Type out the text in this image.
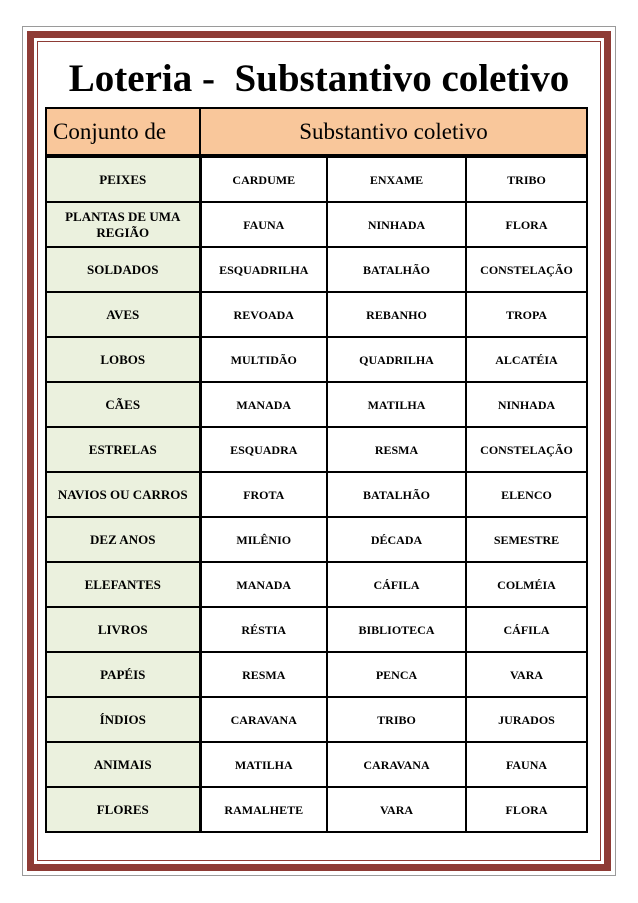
Loteria -  Substantivo coletivo
Conjunto de	Substantivo coletivo		
PEIXES	CARDUME	ENXAME	TRIBO
PLANTAS DE UMA REGIÃO	FAUNA	NINHADA	FLORA
SOLDADOS	ESQUADRILHA	BATALHÃO	CONSTELAÇÃO
AVES	REVOADA	REBANHO	TROPA
LOBOS	MULTIDÃO	QUADRILHA	ALCATÉIA
CÃES	MANADA	MATILHA	NINHADA
ESTRELAS	ESQUADRA	RESMA	CONSTELAÇÃO
NAVIOS OU CARROS	FROTA	BATALHÃO	ELENCO
DEZ ANOS	MILÊNIO	DÉCADA	SEMESTRE
ELEFANTES	MANADA	CÁFILA	COLMÉIA
LIVROS	RÉSTIA	BIBLIOTECA	CÁFILA
PAPÉIS	RESMA	PENCA	VARA
ÍNDIOS	CARAVANA	TRIBO	JURADOS
ANIMAIS	MATILHA	CARAVANA	FAUNA
FLORES	RAMALHETE	VARA	FLORA
